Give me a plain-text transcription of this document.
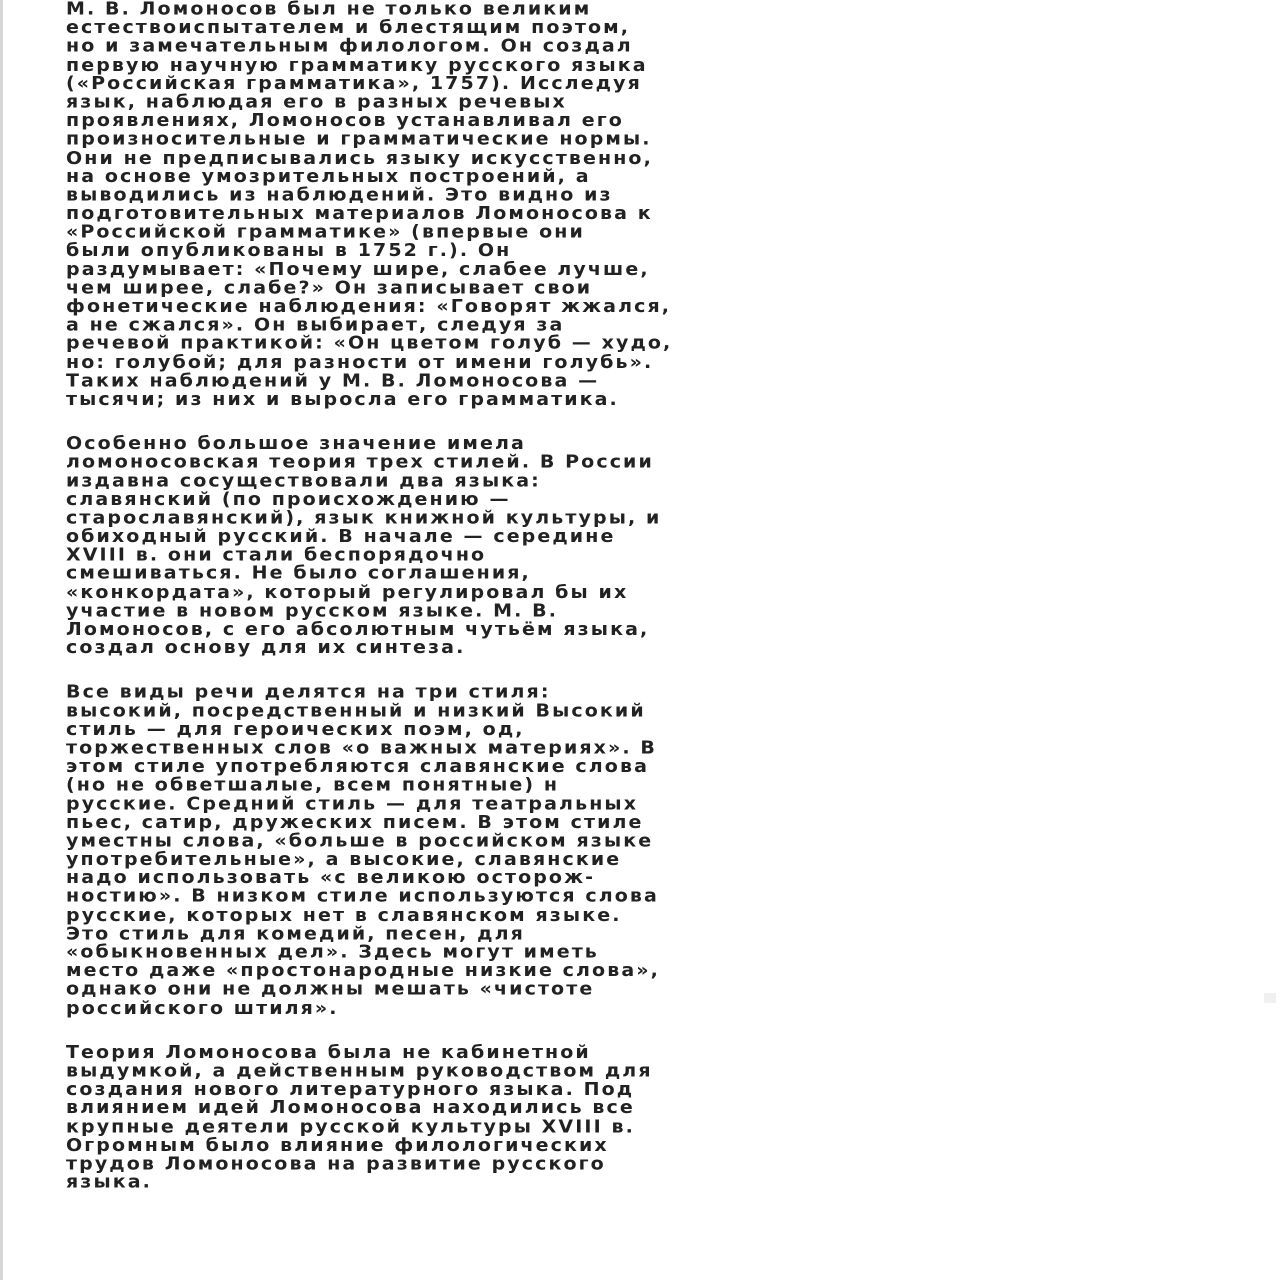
М. В. Ломоносов был не только великим
естествоиспытателем и блестящим поэтом,
но и замечательным филологом. Он создал
первую научную грамматику русского языка
(«Российская грамматика», 1757). Исследуя
язык, наблюдая его в разных речевых
проявлениях, Ломоносов устанавливал его
произносительные и грамматические нормы.
Они не предписывались языку искусственно,
на основе умозрительных построений, а
выводились из наблюдений. Это видно из
подготовительных материалов Ломоносова к
«Российской грамматике» (впервые они
были опубликованы в 1752 г.). Он
раздумывает: «Почему шире, слабее лучше,
чем ширее, слабе?» Он записывает свои
фонетические наблюдения: «Говорят жжался,
а не сжался». Он выбирает, следуя за
речевой практикой: «Он цветом голуб — худо,
но: голубой; для разности от имени голубь».
Таких наблюдений у М. В. Ломоносова —
тысячи; из них и выросла его грамматика.
Особенно большое значение имела
ломоносовская теория трех стилей. В России
издавна сосуществовали два языка:
славянский (по происхождению —
старославянский), язык книжной культуры, и
обиходный русский. В начале — середине
XVIII в. они стали беспорядочно
смешиваться. Не было соглашения,
«конкордата», который регулировал бы их
участие в новом русском языке. М. В.
Ломоносов, с его абсолютным чутьём языка,
создал основу для их синтеза.
Все виды речи делятся на три стиля:
высокий, посредственный и низкий Высокий
стиль — для героических поэм, од,
торжественных слов «о важных материях». В
этом стиле употребляются славянские слова
(но не обветшалые, всем понятные) н
русские. Средний стиль — для театральных
пьес, сатир, дружеских писем. В этом стиле
уместны слова, «больше в российском языке
употребительные», а высокие, славянские
надо использовать «с великою осторож-
ностию». В низком стиле используются слова
русские, которых нет в славянском языке.
Это стиль для комедий, песен, для
«обыкновенных дел». Здесь могут иметь
место даже «простонародные низкие слова»,
однако они не должны мешать «чистоте
российского штиля».
Теория Ломоносова была не кабинетной
выдумкой, а действенным руководством для
создания нового литературного языка. Под
влиянием идей Ломоносова находились все
крупные деятели русской культуры XVIII в.
Огромным было влияние филологических
трудов Ломоносова на развитие русского
языка.
